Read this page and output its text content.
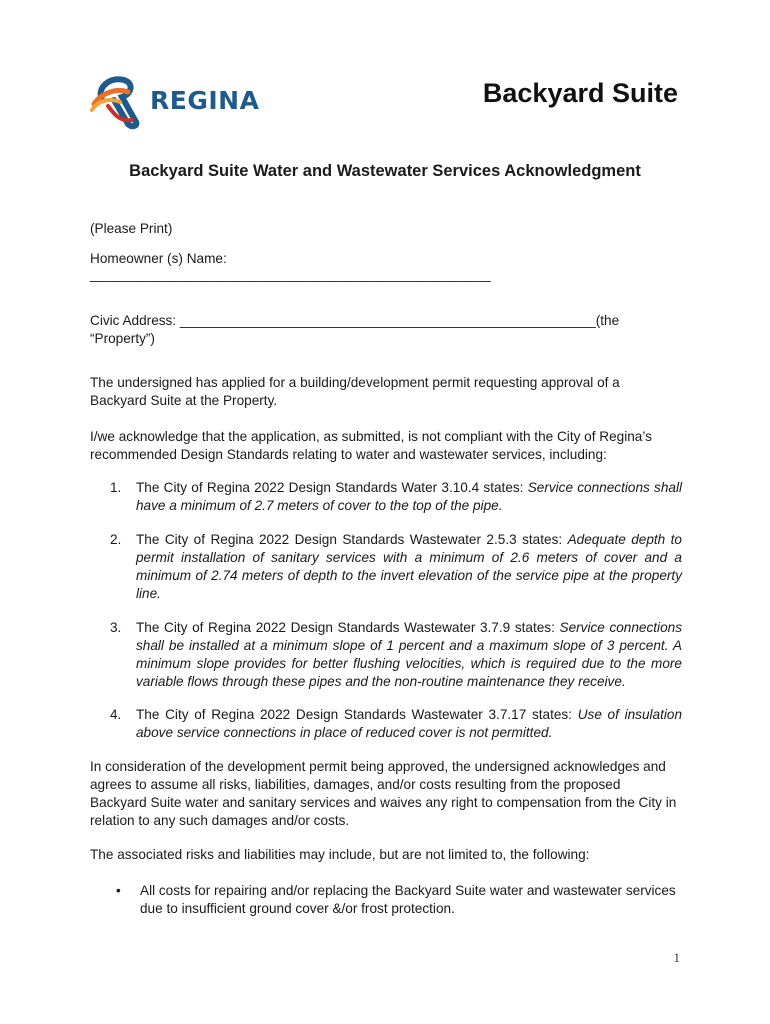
REGINA	Backyard Suite
Backyard Suite Water and Wastewater Services Acknowledgment
(Please Print)
Homeowner (s) Name:
_____________________________________________________
Civic Address: _______________________________________________________(the
“Property”)
The undersigned has applied for a building/development permit requesting approval of a
Backyard Suite at the Property.
I/we acknowledge that the application, as submitted, is not compliant with the City of Regina’s
recommended Design Standards relating to water and wastewater services, including:
1. The City of Regina 2022 Design Standards Water 3.10.4 states: Service connections shall have a minimum of 2.7 meters of cover to the top of the pipe.
2. The City of Regina 2022 Design Standards Wastewater 2.5.3 states: Adequate depth to permit installation of sanitary services with a minimum of 2.6 meters of cover and a minimum of 2.74 meters of depth to the invert elevation of the service pipe at the property line.
3. The City of Regina 2022 Design Standards Wastewater 3.7.9 states: Service connections shall be installed at a minimum slope of 1 percent and a maximum slope of 3 percent. A minimum slope provides for better flushing velocities, which is required due to the more variable flows through these pipes and the non-routine maintenance they receive.
4. The City of Regina 2022 Design Standards Wastewater 3.7.17 states: Use of insulation above service connections in place of reduced cover is not permitted.
In consideration of the development permit being approved, the undersigned acknowledges and agrees to assume all risks, liabilities, damages, and/or costs resulting from the proposed Backyard Suite water and sanitary services and waives any right to compensation from the City in relation to any such damages and/or costs.
The associated risks and liabilities may include, but are not limited to, the following:
• All costs for repairing and/or replacing the Backyard Suite water and wastewater services due to insufficient ground cover &/or frost protection.
1
